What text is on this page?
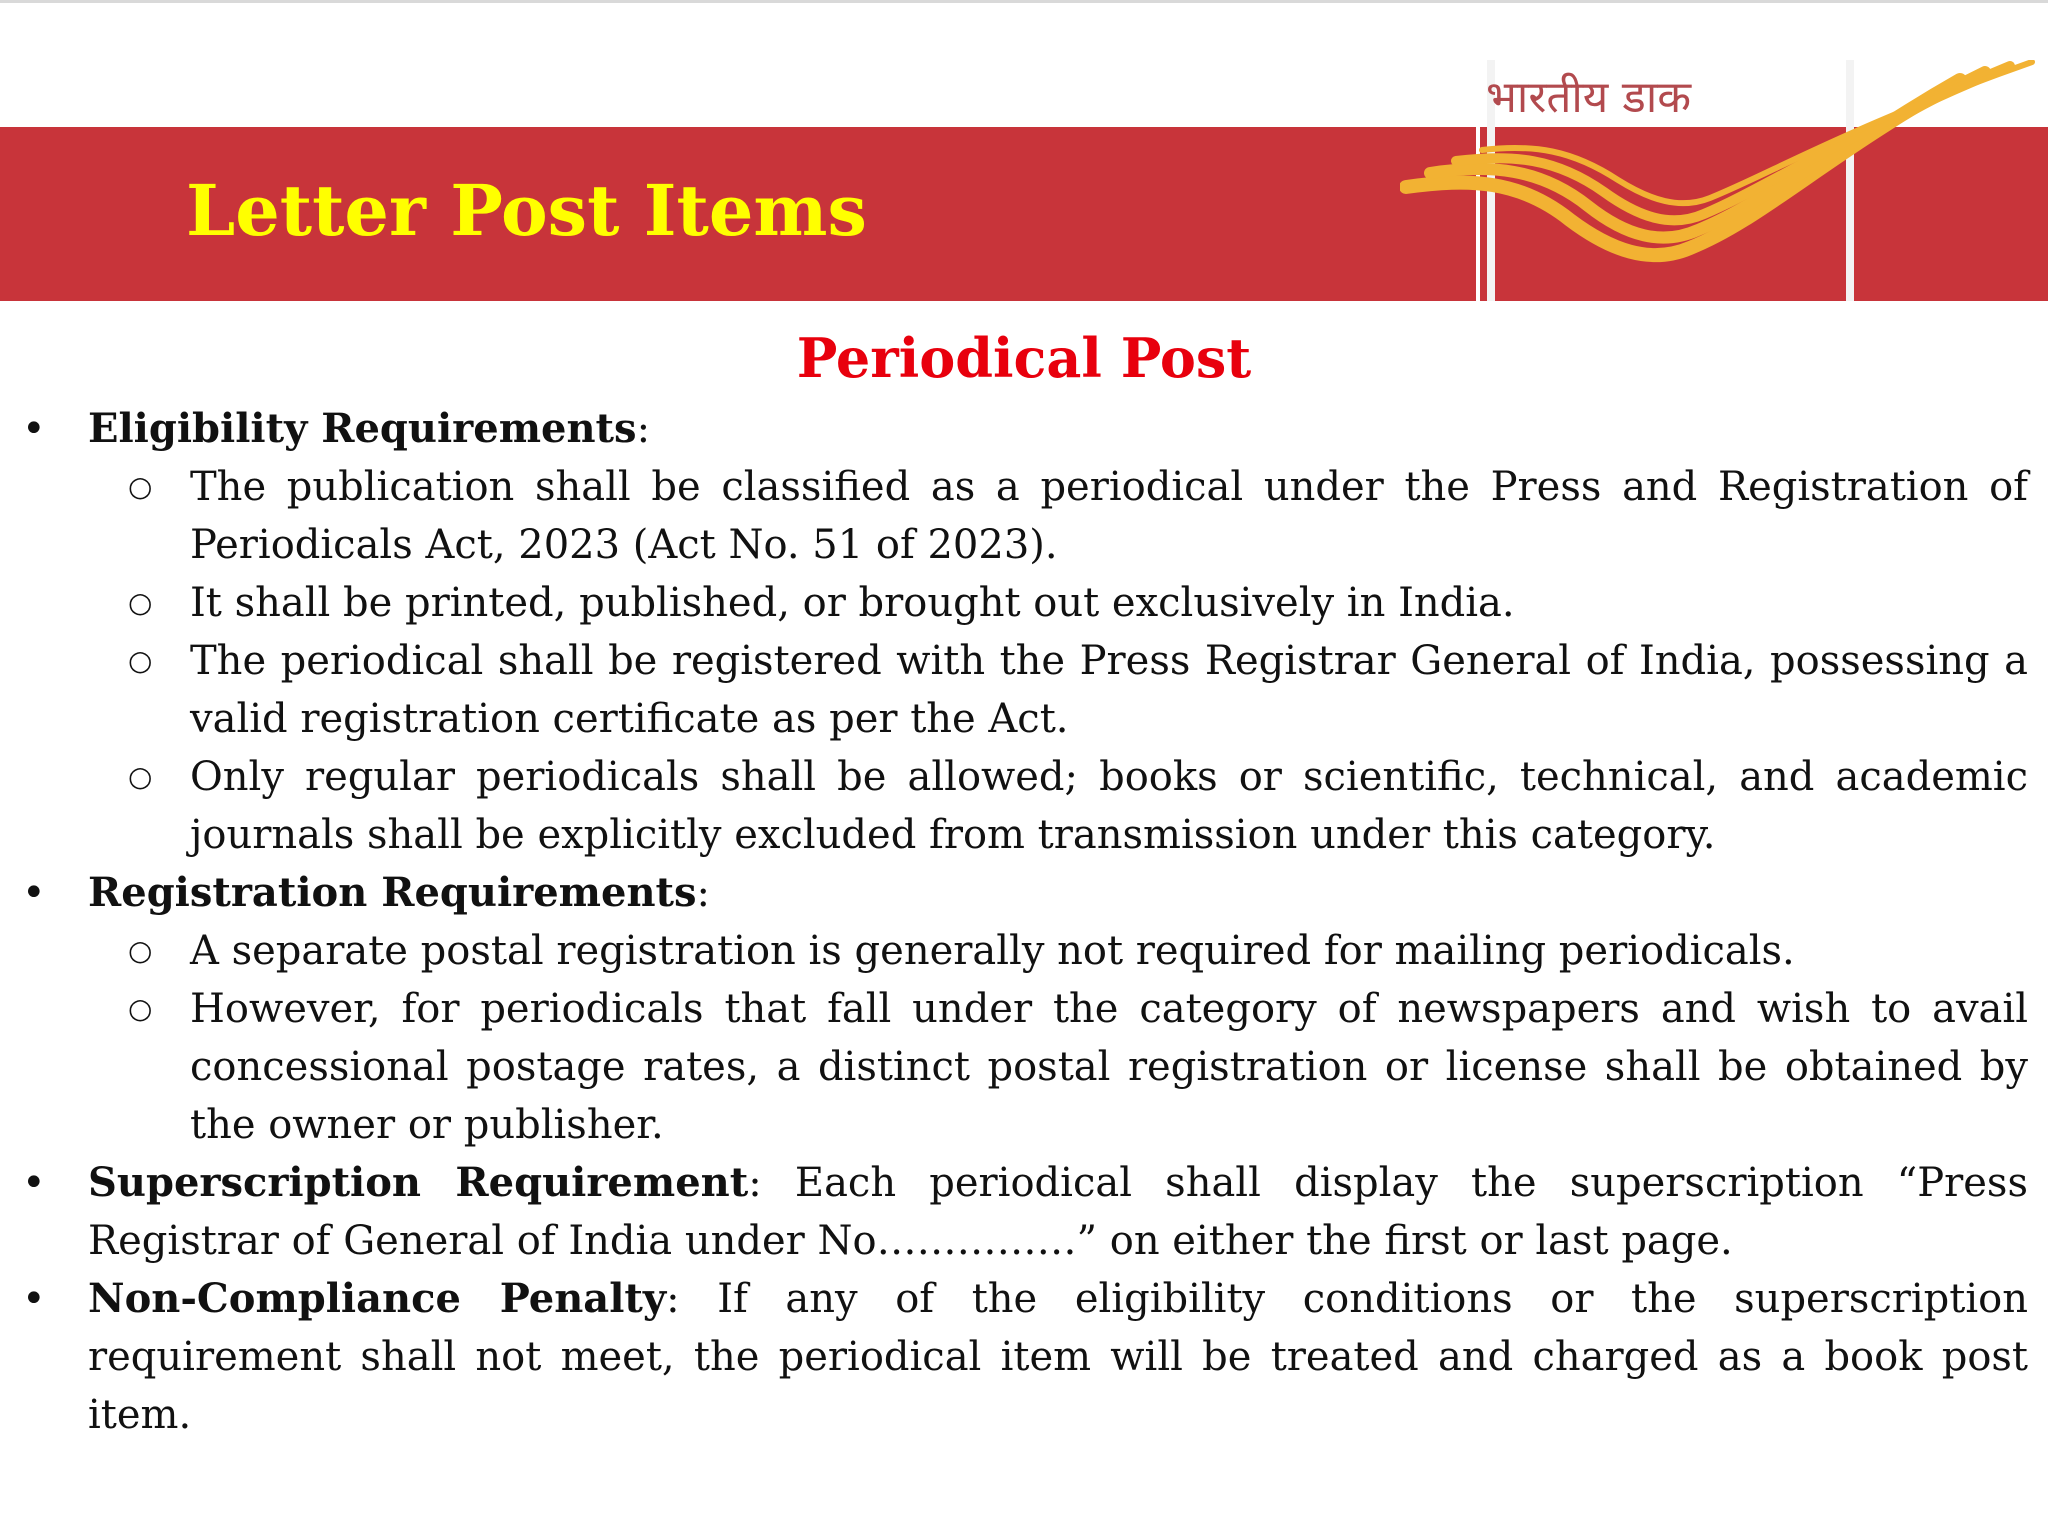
Letter Post Items
भारतीय डाक
Periodical Post
• Eligibility Requirements:
○ The publication shall be classified as a periodical under the Press and Registration of Periodicals Act, 2023 (Act No. 51 of 2023).
○ It shall be printed, published, or brought out exclusively in India.
○ The periodical shall be registered with the Press Registrar General of India, possessing a valid registration certificate as per the Act.
○ Only regular periodicals shall be allowed; books or scientific, technical, and academic journals shall be explicitly excluded from transmission under this category.
• Registration Requirements:
○ A separate postal registration is generally not required for mailing periodicals.
○ However, for periodicals that fall under the category of newspapers and wish to avail concessional postage rates, a distinct postal registration or license shall be obtained by the owner or publisher.
• Superscription Requirement: Each periodical shall display the superscription “Press Registrar of General of India under No……………” on either the first or last page.
• Non-Compliance Penalty: If any of the eligibility conditions or the superscription requirement shall not meet, the periodical item will be treated and charged as a book post item.
